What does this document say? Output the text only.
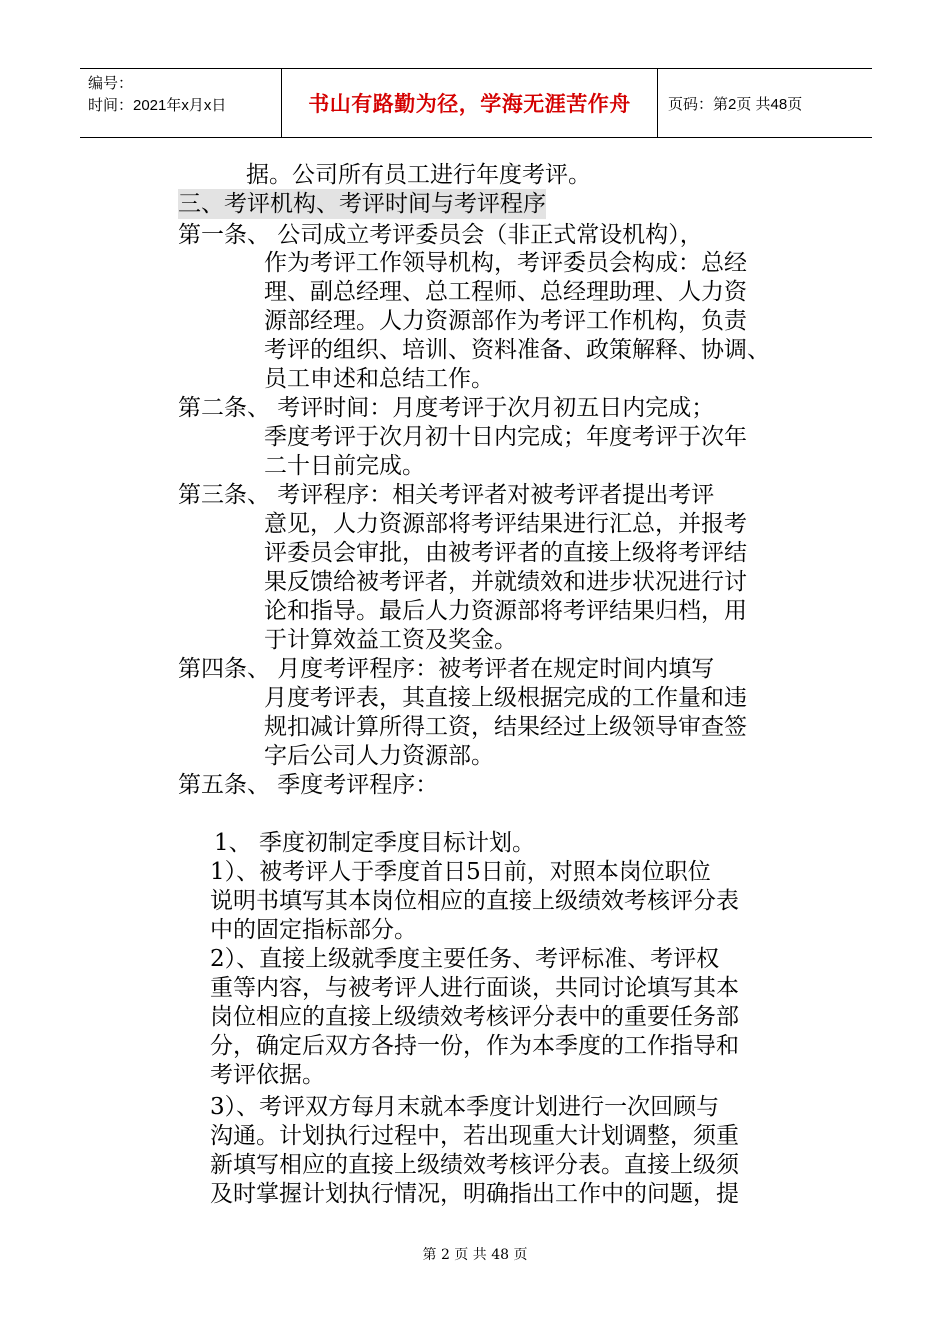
编号：
时间：2021年x月x日	书山有路勤为径，学海无涯苦作舟	页码：第2页 共48页
据。公司所有员工进行年度考评。
三、考评机构、考评时间与考评程序
第一条、 公司成立考评委员会（非正式常设机构），
作为考评工作领导机构，考评委员会构成：总经
理、副总经理、总工程师、总经理助理、人力资
源部经理。人力资源部作为考评工作机构，负责
考评的组织、培训、资料准备、政策解释、协调、
员工申述和总结工作。
第二条、 考评时间：月度考评于次月初五日内完成；
季度考评于次月初十日内完成；年度考评于次年
二十日前完成。
第三条、 考评程序：相关考评者对被考评者提出考评
意见，人力资源部将考评结果进行汇总，并报考
评委员会审批，由被考评者的直接上级将考评结
果反馈给被考评者，并就绩效和进步状况进行讨
论和指导。最后人力资源部将考评结果归档，用
于计算效益工资及奖金。
第四条、 月度考评程序：被考评者在规定时间内填写
月度考评表，其直接上级根据完成的工作量和违
规扣减计算所得工资，结果经过上级领导审查签
字后公司人力资源部。
第五条、 季度考评程序：
1、 季度初制定季度目标计划。
1）、被考评人于季度首日5日前，对照本岗位职位
说明书填写其本岗位相应的直接上级绩效考核评分表
中的固定指标部分。
2）、直接上级就季度主要任务、考评标准、考评权
重等内容，与被考评人进行面谈，共同讨论填写其本
岗位相应的直接上级绩效考核评分表中的重要任务部
分，确定后双方各持一份，作为本季度的工作指导和
考评依据。
3）、考评双方每月末就本季度计划进行一次回顾与
沟通。计划执行过程中，若出现重大计划调整，须重
新填写相应的直接上级绩效考核评分表。直接上级须
及时掌握计划执行情况，明确指出工作中的问题，提
第 2 页 共 48 页
